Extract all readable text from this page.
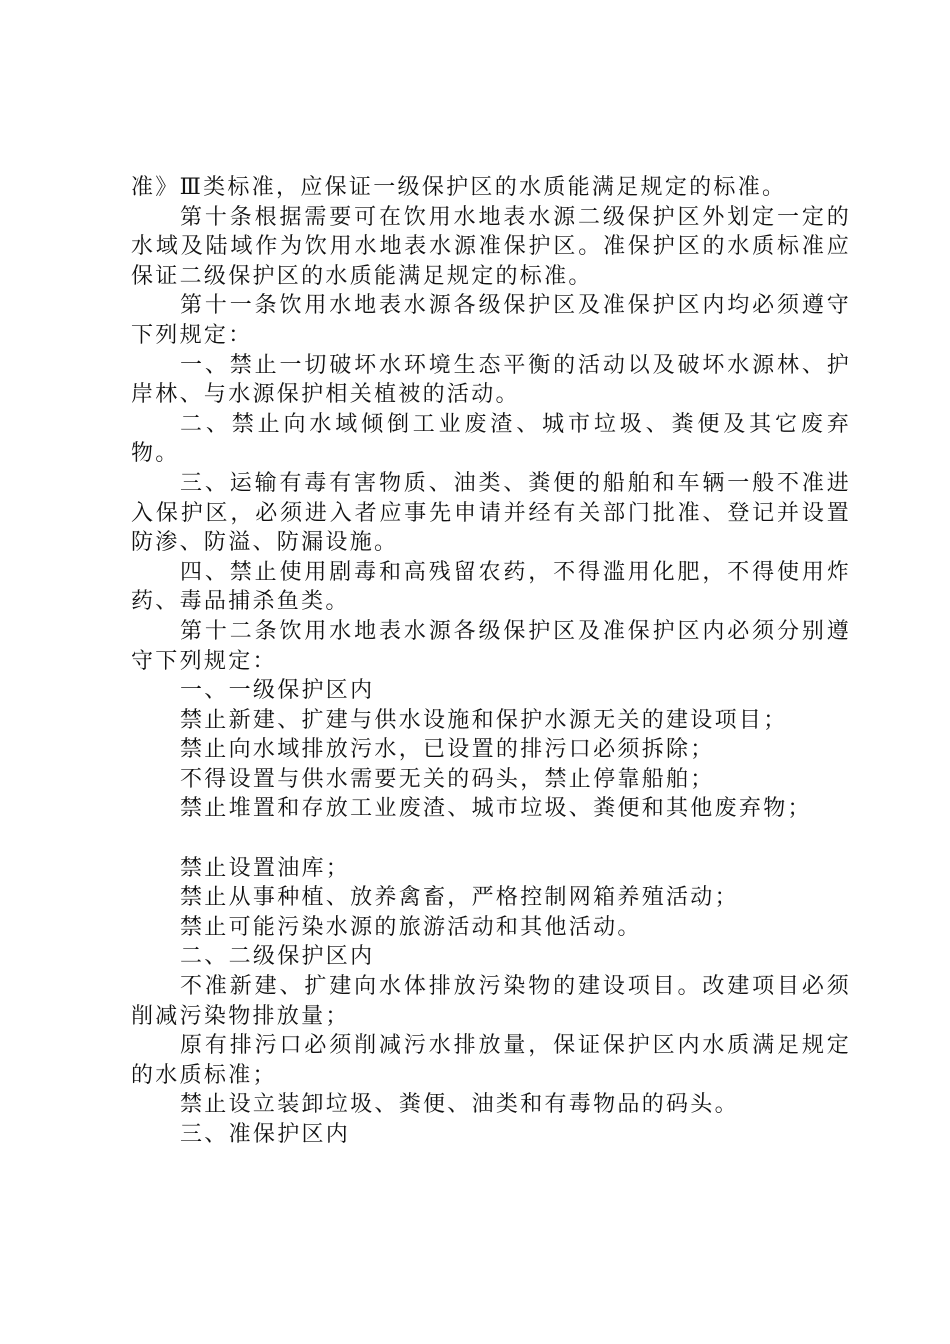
准》Ⅲ类标准，应保证一级保护区的水质能满足规定的标准。

第十条根据需要可在饮用水地表水源二级保护区外划定一定的水域及陆域作为饮用水地表水源准保护区。准保护区的水质标准应保证二级保护区的水质能满足规定的标准。

第十一条饮用水地表水源各级保护区及准保护区内均必须遵守下列规定：

一、禁止一切破坏水环境生态平衡的活动以及破坏水源林、护岸林、与水源保护相关植被的活动。

二、禁止向水域倾倒工业废渣、城市垃圾、粪便及其它废弃物。

三、运输有毒有害物质、油类、粪便的船舶和车辆一般不准进入保护区，必须进入者应事先申请并经有关部门批准、登记并设置防渗、防溢、防漏设施。

四、禁止使用剧毒和高残留农药，不得滥用化肥，不得使用炸药、毒品捕杀鱼类。

第十二条饮用水地表水源各级保护区及准保护区内必须分别遵守下列规定：

一、一级保护区内

禁止新建、扩建与供水设施和保护水源无关的建设项目；

禁止向水域排放污水，已设置的排污口必须拆除；

不得设置与供水需要无关的码头，禁止停靠船舶；

禁止堆置和存放工业废渣、城市垃圾、粪便和其他废弃物；

禁止设置油库；

禁止从事种植、放养禽畜，严格控制网箱养殖活动；

禁止可能污染水源的旅游活动和其他活动。

二、二级保护区内

不准新建、扩建向水体排放污染物的建设项目。改建项目必须削减污染物排放量；

原有排污口必须削减污水排放量，保证保护区内水质满足规定的水质标准；

禁止设立装卸垃圾、粪便、油类和有毒物品的码头。

三、准保护区内
